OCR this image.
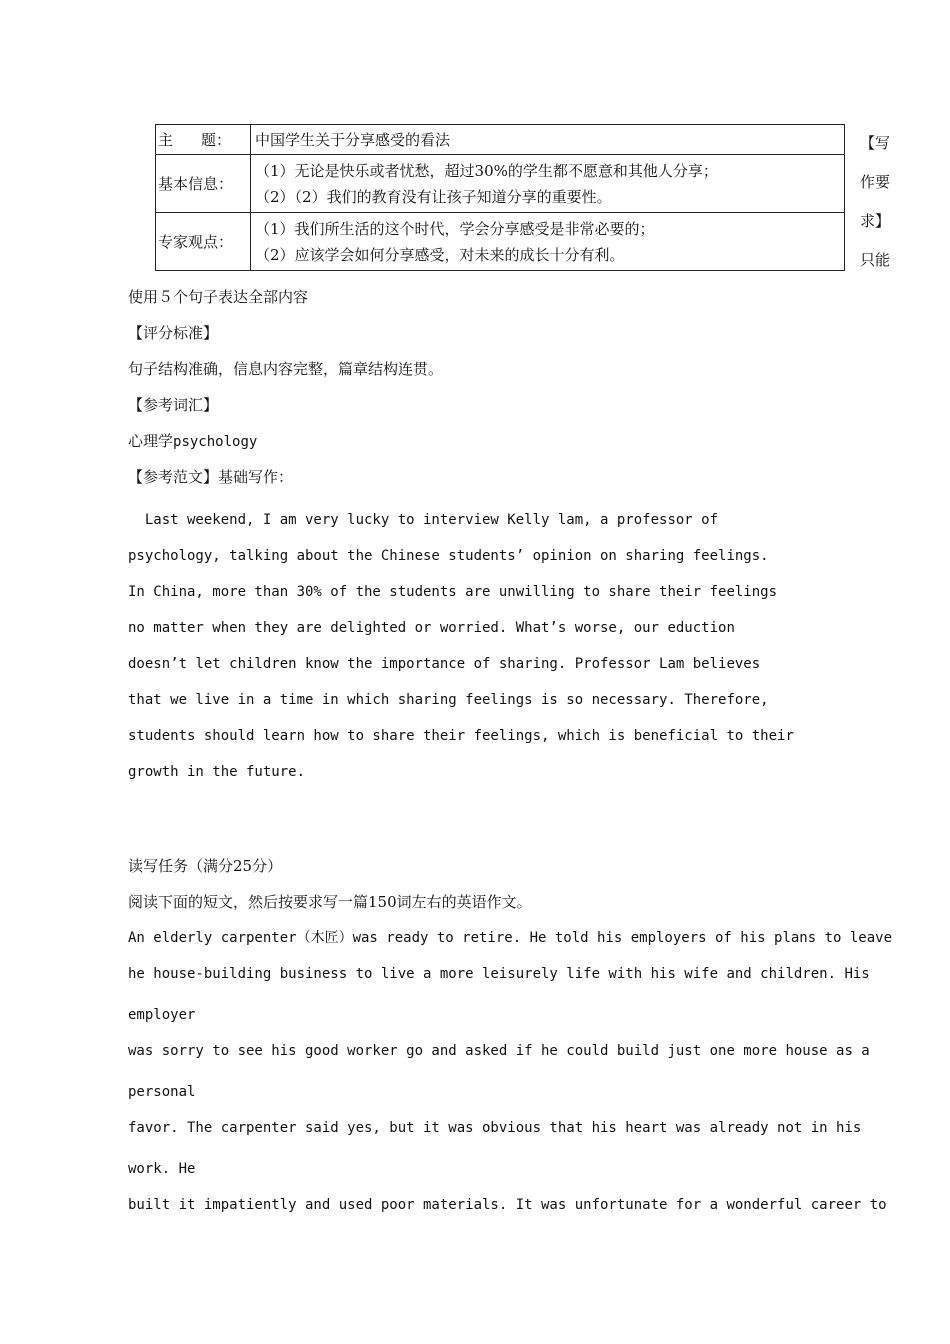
主 题：	中国学生关于分享感受的看法
基本信息：	（1）无论是快乐或者忧愁，超过30%的学生都不愿意和其他人分享；
（2）（2）我们的教育没有让孩子知道分享的重要性。

专家观点：	（1）我们所生活的这个时代，学会分享感受是非常必要的；
（2）应该学会如何分享感受，对未来的成长十分有利。
【写
作要
求】
只能
使用５个句子表达全部内容
【评分标准】
句子结构准确，信息内容完整，篇章结构连贯。
【参考词汇】
心理学psychology
【参考范文】基础写作：
Last weekend, I am very lucky to interview Kelly lam, a professor of
psychology, talking about the Chinese students’ opinion on sharing feelings.
In China, more than 30% of the students are unwilling to share their feelings
no matter when they are delighted or worried. What’s worse, our eduction
doesn’t let children know the importance of sharing. Professor Lam believes
that we live in a time in which sharing feelings is so necessary. Therefore,
students should learn how to share their feelings, which is beneficial to their
growth in the future.
读写任务（满分25分）
阅读下面的短文，然后按要求写一篇150词左右的英语作文。
An elderly carpenter（木匠）was ready to retire. He told his employers of his plans to leave
he house-building business to live a more leisurely life with his wife and children. His
employer
was sorry to see his good worker go and asked if he could build just one more house as a
personal
favor. The carpenter said yes, but it was obvious that his heart was already not in his
work. He
built it impatiently and used poor materials. It was unfortunate for a wonderful career to
